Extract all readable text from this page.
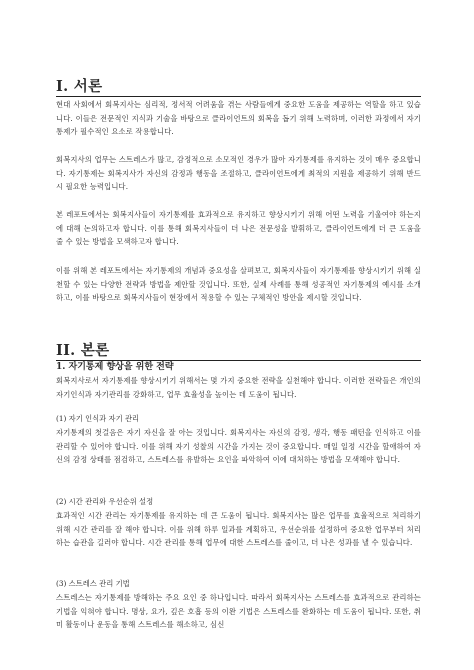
I. 서론

현대 사회에서 회복지사는 심리적, 정서적 어려움을 겪는 사람들에게 중요한 도움을 제공하는 역할을 하고 있습니다. 이들은 전문적인 지식과 기술을 바탕으로 클라이언트의 회복을 돕기 위해 노력하며, 이러한 과정에서 자기통제가 필수적인 요소로 작용합니다.

회복지사의 업무는 스트레스가 많고, 감정적으로 소모적인 경우가 많아 자기통제를 유지하는 것이 매우 중요합니다. 자기통제는 회복지사가 자신의 감정과 행동을 조절하고, 클라이언트에게 최적의 지원을 제공하기 위해 반드시 필요한 능력입니다.

본 레포트에서는 회복지사들이 자기통제를 효과적으로 유지하고 향상시키기 위해 어떤 노력을 기울여야 하는지에 대해 논의하고자 합니다. 이를 통해 회복지사들이 더 나은 전문성을 발휘하고, 클라이언트에게 더 큰 도움을 줄 수 있는 방법을 모색하고자 합니다.

이를 위해 본 레포트에서는 자기통제의 개념과 중요성을 살펴보고, 회복지사들이 자기통제를 향상시키기 위해 실천할 수 있는 다양한 전략과 방법을 제안할 것입니다. 또한, 실제 사례를 통해 성공적인 자기통제의 예시를 소개하고, 이를 바탕으로 회복지사들이 현장에서 적용할 수 있는 구체적인 방안을 제시할 것입니다.

II. 본론
1. 자기통제 향상을 위한 전략

회복지사로서 자기통제를 향상시키기 위해서는 몇 가지 중요한 전략을 실천해야 합니다. 이러한 전략들은 개인의 자기인식과 자기관리를 강화하고, 업무 효율성을 높이는 데 도움이 됩니다.

(1) 자기 인식과 자기 관리

자기통제의 첫걸음은 자기 자신을 잘 아는 것입니다. 회복지사는 자신의 감정, 생각, 행동 패턴을 인식하고 이를 관리할 수 있어야 합니다. 이를 위해 자기 성찰의 시간을 가지는 것이 중요합니다. 매일 일정 시간을 할애하여 자신의 감정 상태를 점검하고, 스트레스를 유발하는 요인을 파악하여 이에 대처하는 방법을 모색해야 합니다.

(2) 시간 관리와 우선순위 설정

효과적인 시간 관리는 자기통제를 유지하는 데 큰 도움이 됩니다. 회복지사는 많은 업무를 효율적으로 처리하기 위해 시간 관리를 잘 해야 합니다. 이를 위해 하루 일과를 계획하고, 우선순위를 설정하여 중요한 업무부터 처리하는 습관을 길러야 합니다. 시간 관리를 통해 업무에 대한 스트레스를 줄이고, 더 나은 성과를 낼 수 있습니다.

(3) 스트레스 관리 기법

스트레스는 자기통제를 방해하는 주요 요인 중 하나입니다. 따라서 회복지사는 스트레스를 효과적으로 관리하는 기법을 익혀야 합니다. 명상, 요가, 깊은 호흡 등의 이완 기법은 스트레스를 완화하는 데 도움이 됩니다. 또한, 취미 활동이나 운동을 통해 스트레스를 해소하고, 심신
